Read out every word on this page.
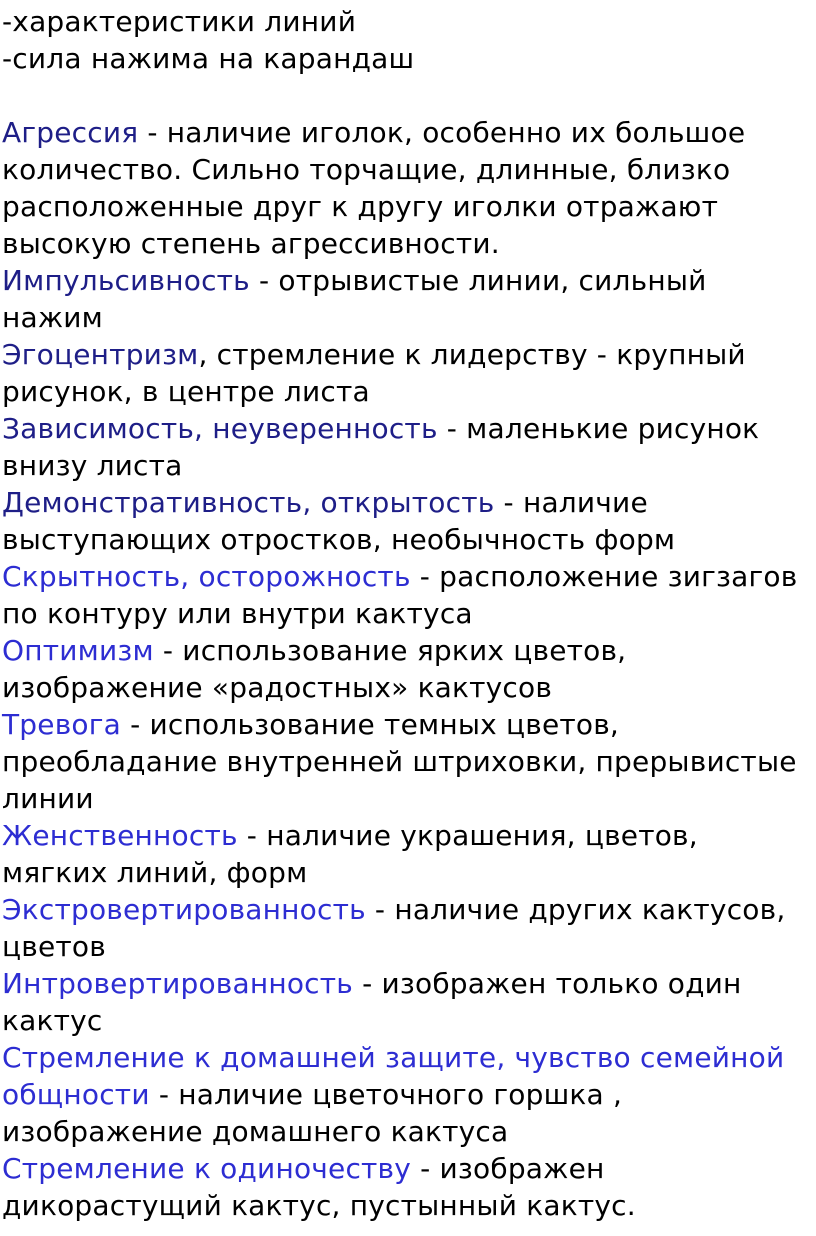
-характеристики линий
-сила нажима на карандаш

Агрессия - наличие иголок, особенно их большое
количество. Сильно торчащие, длинные, близко
расположенные друг к другу иголки отражают
высокую степень агрессивности.
Импульсивность - отрывистые линии, сильный
нажим
Эгоцентризм, стремление к лидерству - крупный
рисунок, в центре листа
Зависимость, неуверенность - маленькие рисунок
внизу листа
Демонстративность, открытость - наличие
выступающих отростков, необычность форм
Скрытность, осторожность - расположение зигзагов
по контуру или внутри кактуса
Оптимизм - использование ярких цветов,
изображение «радостных» кактусов
Тревога - использование темных цветов,
преобладание внутренней штриховки, прерывистые
линии
Женственность - наличие украшения, цветов,
мягких линий, форм
Экстровертированность - наличие других кактусов,
цветов
Интровертированность - изображен только один
кактус
Стремление к домашней защите, чувство семейной
общности - наличие цветочного горшка ,
изображение домашнего кактуса
Стремление к одиночеству - изображен
дикорастущий кактус, пустынный кактус.
